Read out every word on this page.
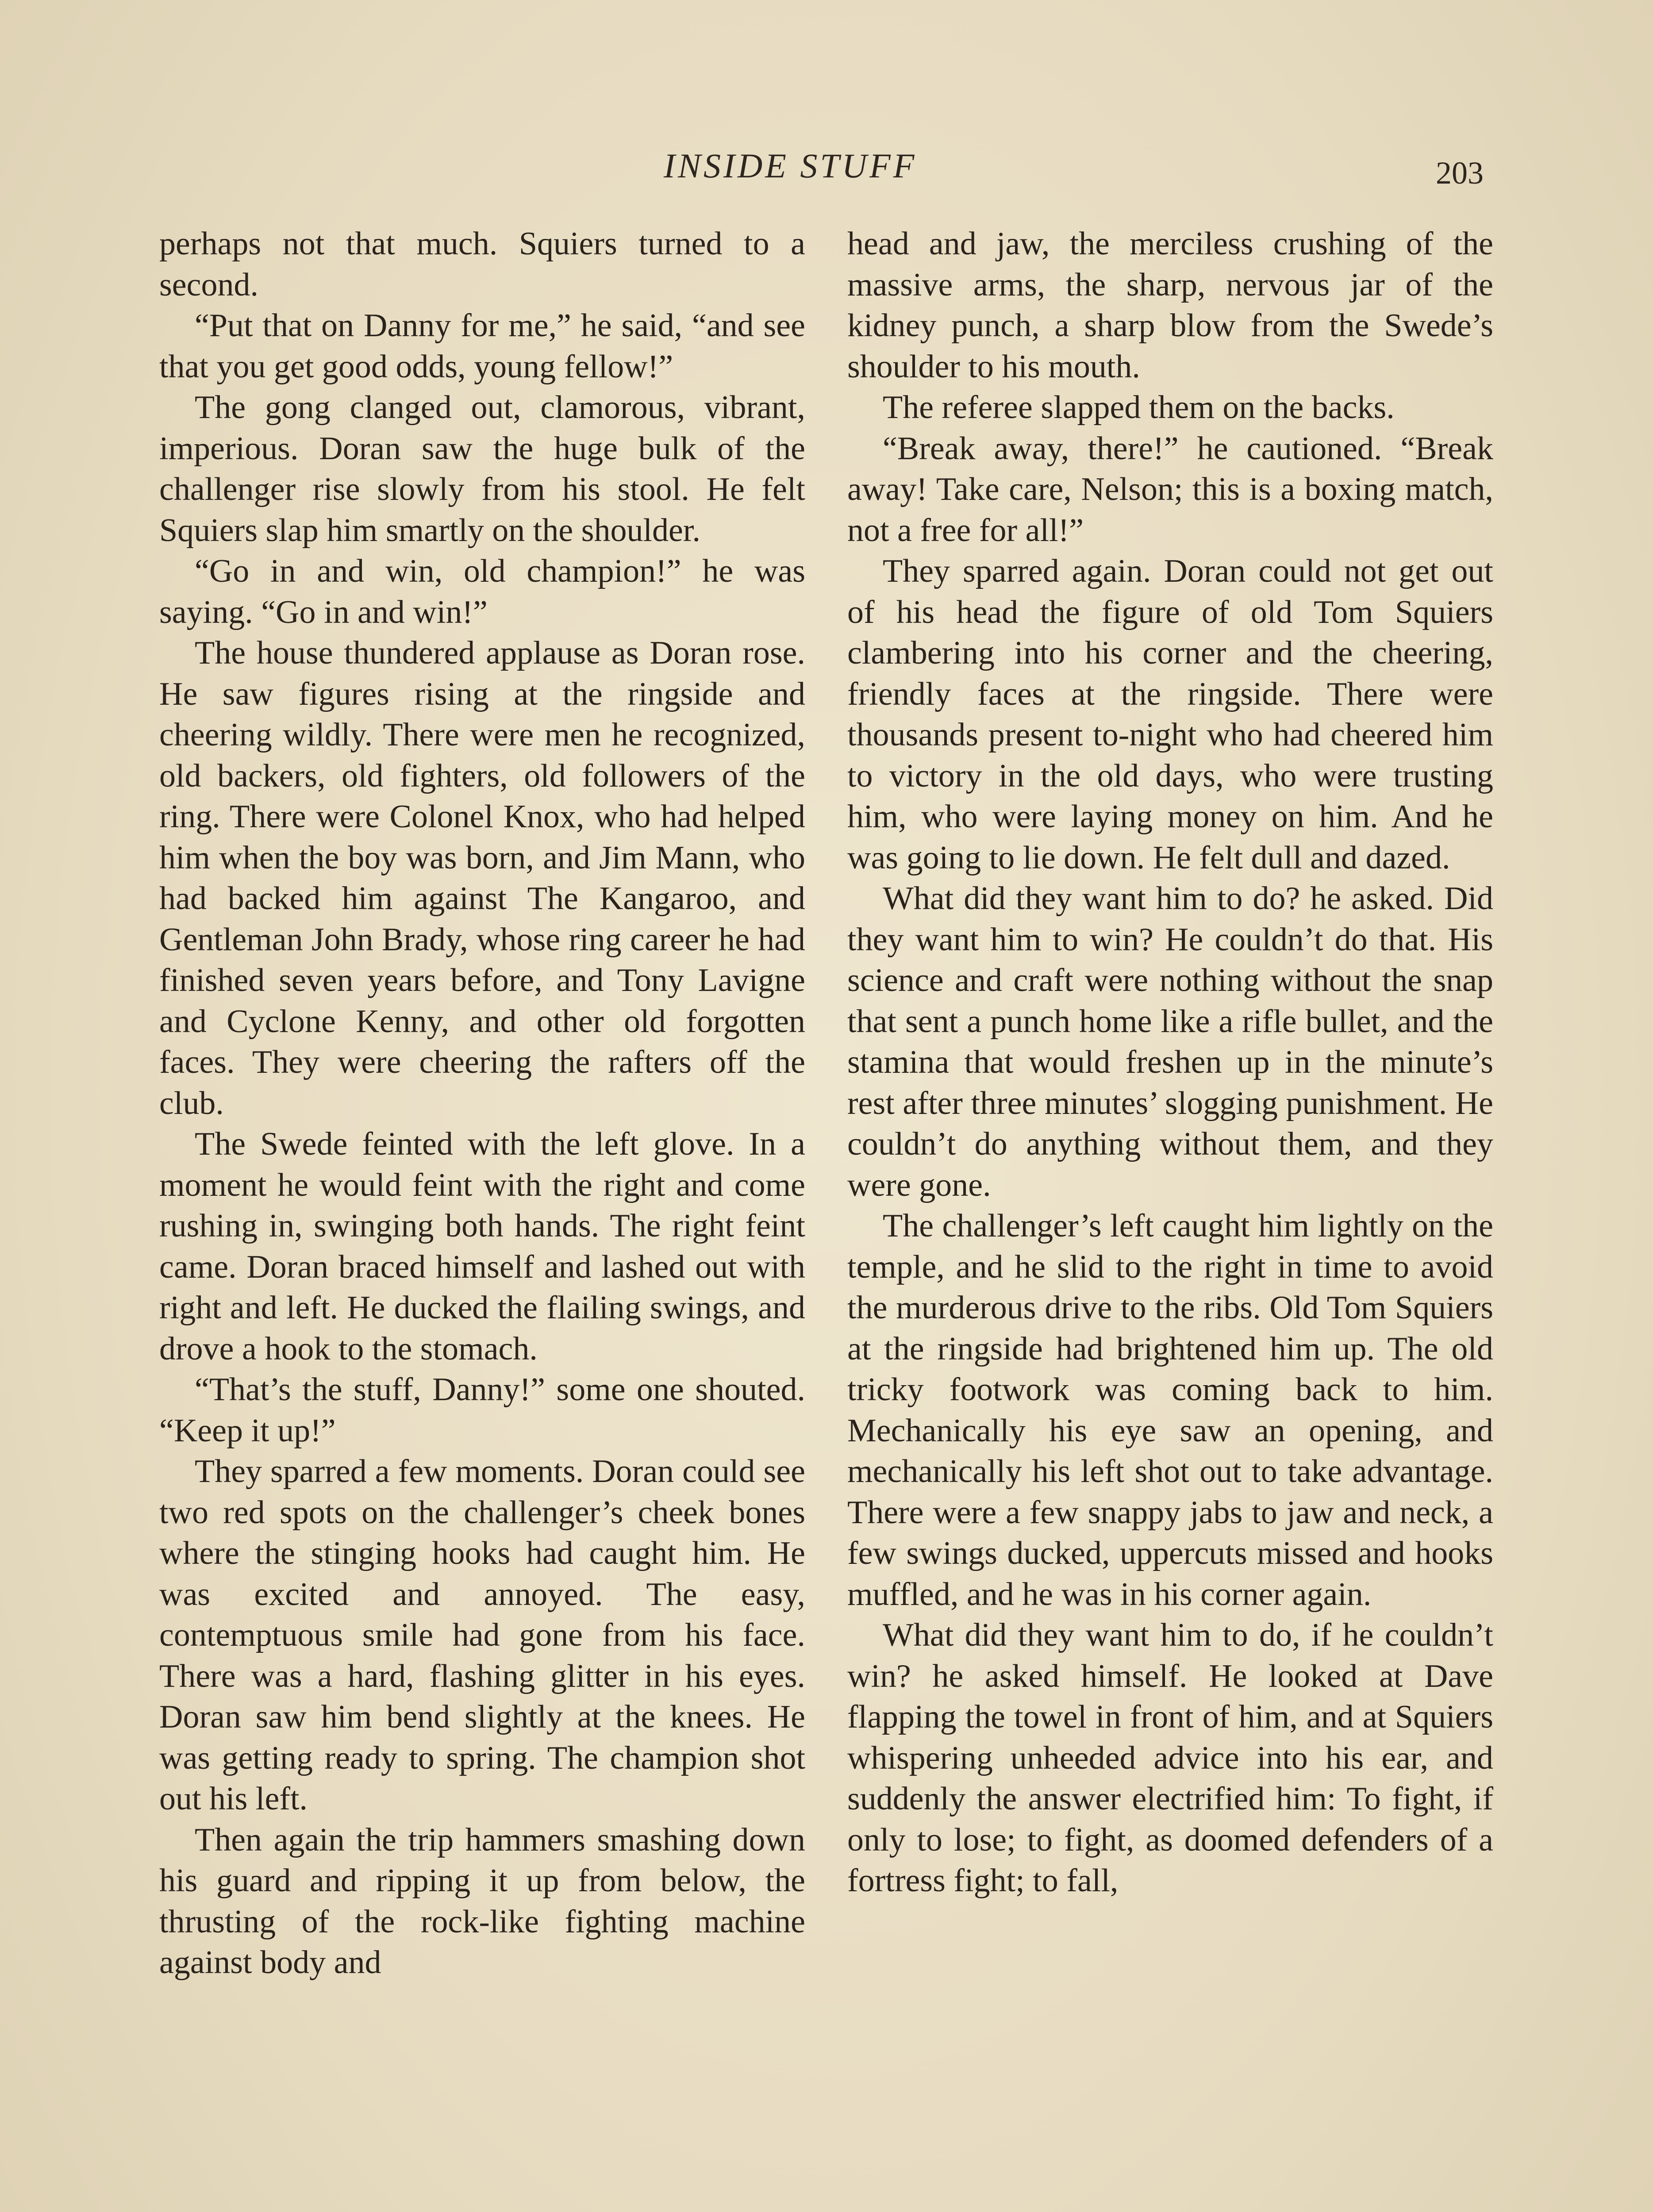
INSIDE STUFF	203

perhaps not that much. Squiers turned to a second.

“Put that on Danny for me,” he said, “and see that you get good odds, young fellow!”

The gong clanged out, clamorous, vibrant, imperious. Doran saw the huge bulk of the challenger rise slowly from his stool. He felt Squiers slap him smartly on the shoulder.

“Go in and win, old champion!” he was saying. “Go in and win!”

The house thundered applause as Doran rose. He saw figures rising at the ringside and cheering wildly. There were men he recognized, old backers, old fighters, old followers of the ring. There were Colonel Knox, who had helped him when the boy was born, and Jim Mann, who had backed him against The Kangaroo, and Gentleman John Brady, whose ring career he had finished seven years before, and Tony Lavigne and Cyclone Kenny, and other old forgotten faces. They were cheering the rafters off the club.

The Swede feinted with the left glove. In a moment he would feint with the right and come rushing in, swinging both hands. The right feint came. Doran braced himself and lashed out with right and left. He ducked the flailing swings, and drove a hook to the stomach.

“That’s the stuff, Danny!” some one shouted. “Keep it up!”

They sparred a few moments. Doran could see two red spots on the challenger’s cheek bones where the stinging hooks had caught him. He was excited and annoyed. The easy, contemptuous smile had gone from his face. There was a hard, flashing glitter in his eyes. Doran saw him bend slightly at the knees. He was getting ready to spring. The champion shot out his left.

Then again the trip hammers smashing down his guard and ripping it up from below, the thrusting of the rock-like fighting machine against body and

head and jaw, the merciless crushing of the massive arms, the sharp, nervous jar of the kidney punch, a sharp blow from the Swede’s shoulder to his mouth.

The referee slapped them on the backs.

“Break away, there!” he cautioned. “Break away! Take care, Nelson; this is a boxing match, not a free for all!”

They sparred again. Doran could not get out of his head the figure of old Tom Squiers clambering into his corner and the cheering, friendly faces at the ringside. There were thousands present to-night who had cheered him to victory in the old days, who were trusting him, who were laying money on him. And he was going to lie down. He felt dull and dazed.

What did they want him to do? he asked. Did they want him to win? He couldn’t do that. His science and craft were nothing without the snap that sent a punch home like a rifle bullet, and the stamina that would freshen up in the minute’s rest after three minutes’ slogging punishment. He couldn’t do anything without them, and they were gone.

The challenger’s left caught him lightly on the temple, and he slid to the right in time to avoid the murderous drive to the ribs. Old Tom Squiers at the ringside had brightened him up. The old tricky footwork was coming back to him. Mechanically his eye saw an opening, and mechanically his left shot out to take advantage. There were a few snappy jabs to jaw and neck, a few swings ducked, uppercuts missed and hooks muffled, and he was in his corner again.

What did they want him to do, if he couldn’t win? he asked himself. He looked at Dave flapping the towel in front of him, and at Squiers whispering unheeded advice into his ear, and suddenly the answer electrified him: To fight, if only to lose; to fight, as doomed defenders of a fortress fight; to fall,
